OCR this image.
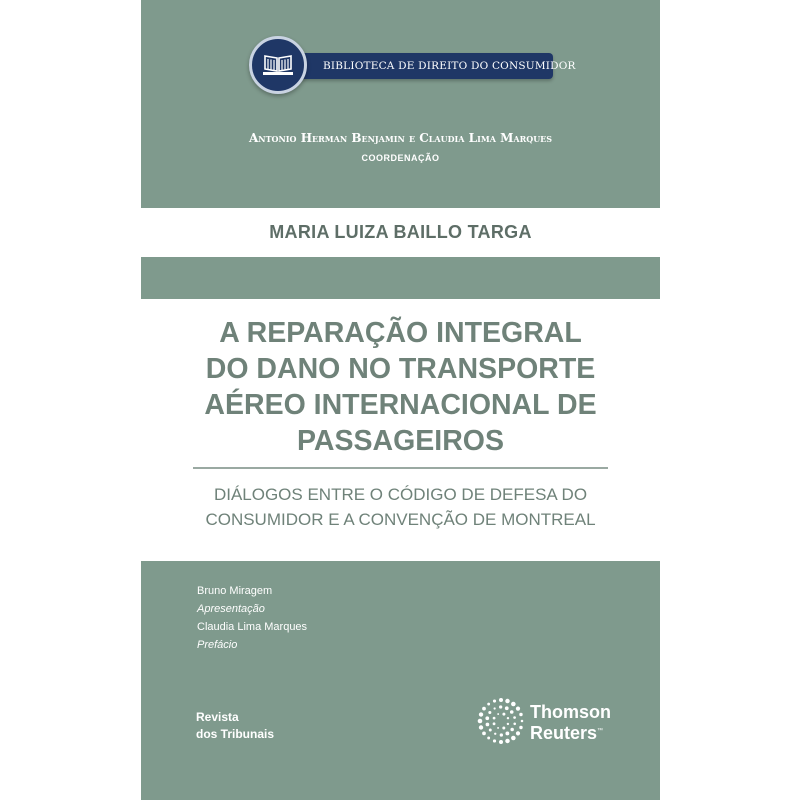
BIBLIOTECA DE DIREITO DO CONSUMIDOR
Antonio Herman Benjamin e Claudia Lima Marques
COORDENAÇÃO
MARIA LUIZA BAILLO TARGA
A REPARAÇÃO INTEGRAL
DO DANO NO TRANSPORTE
AÉREO INTERNACIONAL DE
PASSAGEIROS
DIÁLOGOS ENTRE O CÓDIGO DE DEFESA DO
CONSUMIDOR E A CONVENÇÃO DE MONTREAL
Bruno Miragem
Apresentação
Claudia Lima Marques
Prefácio
Revista
dos Tribunais
Thomson
Reuters™
